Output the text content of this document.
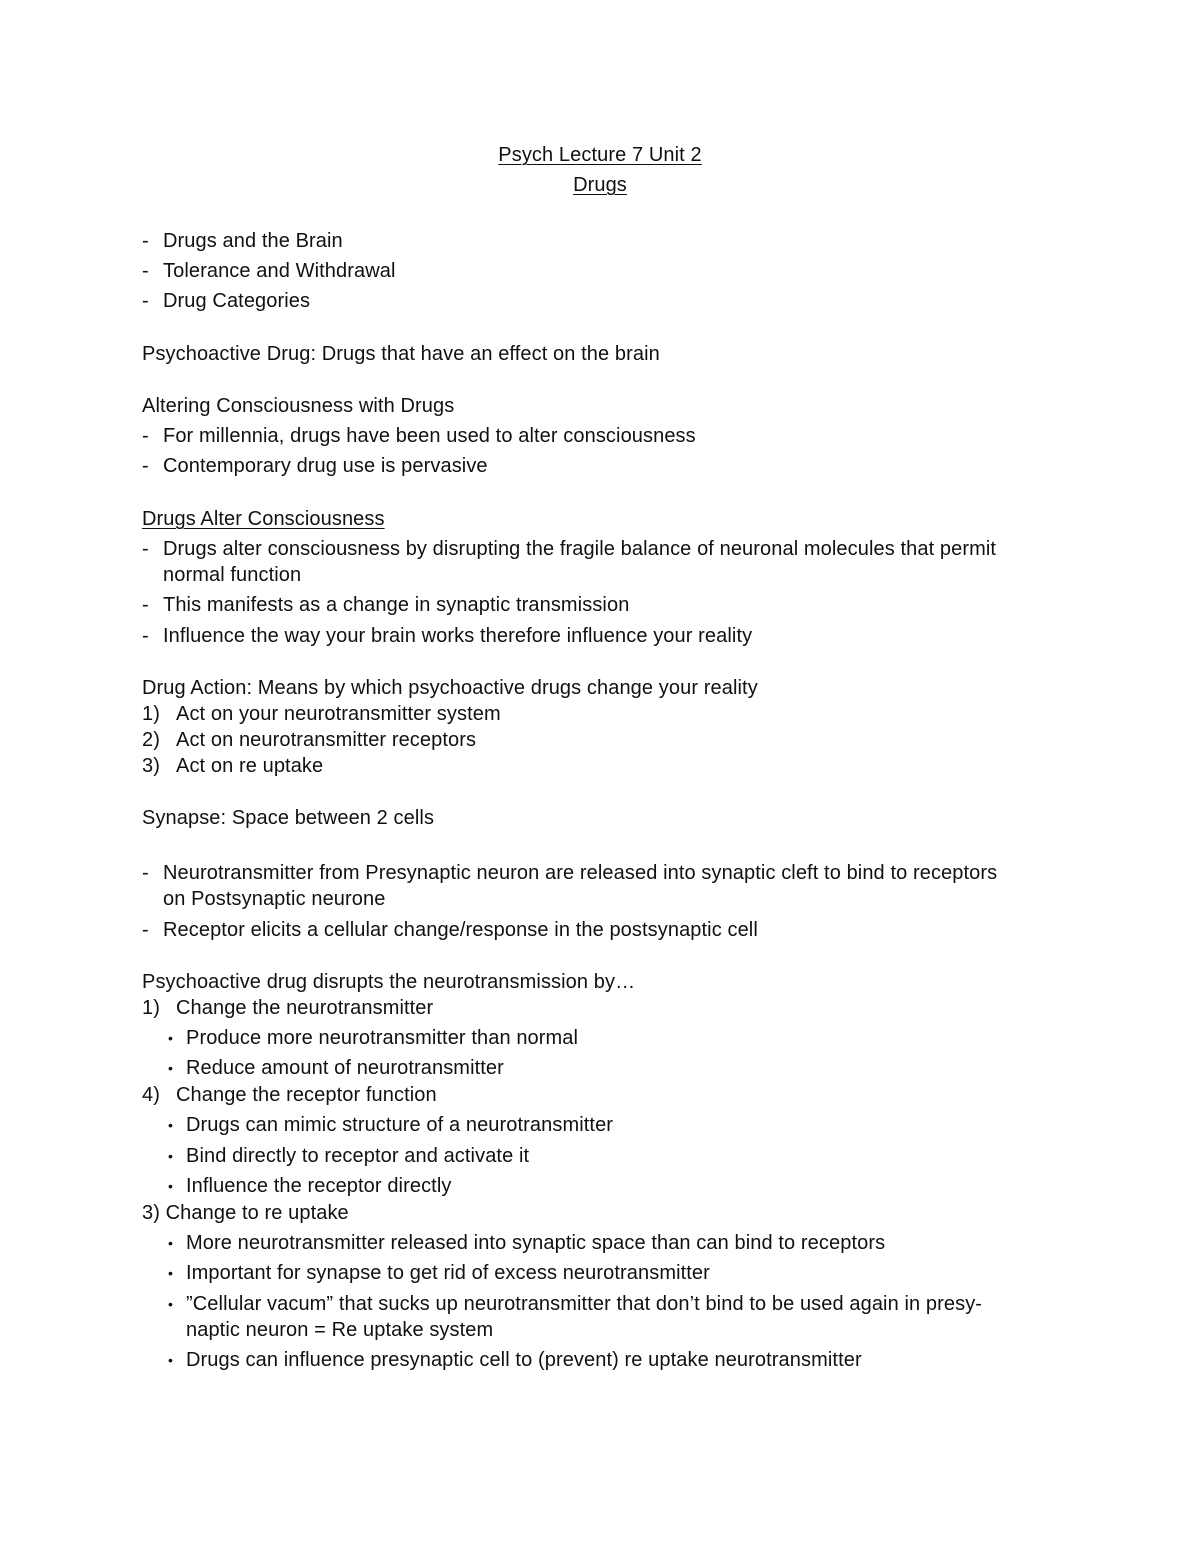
Psych Lecture 7 Unit 2
Drugs
- Drugs and the Brain
- Tolerance and Withdrawal
- Drug Categories
Psychoactive Drug: Drugs that have an effect on the brain
Altering Consciousness with Drugs
- For millennia, drugs have been used to alter consciousness
- Contemporary drug use is pervasive
Drugs Alter Consciousness
- Drugs alter consciousness by disrupting the fragile balance of neuronal molecules that permit
normal function
- This manifests as a change in synaptic transmission
- Influence the way your brain works therefore influence your reality
Drug Action: Means by which psychoactive drugs change your reality
1) Act on your neurotransmitter system
2) Act on neurotransmitter receptors
3) Act on re uptake
Synapse: Space between 2 cells
- Neurotransmitter from Presynaptic neuron are released into synaptic cleft to bind to receptors
on Postsynaptic neurone
- Receptor elicits a cellular change/response in the postsynaptic cell
Psychoactive drug disrupts the neurotransmission by…
1) Change the neurotransmitter
• Produce more neurotransmitter than normal
• Reduce amount of neurotransmitter
4) Change the receptor function
• Drugs can mimic structure of a neurotransmitter
• Bind directly to receptor and activate it
• Influence the receptor directly
3) Change to re uptake
• More neurotransmitter released into synaptic space than can bind to receptors
• Important for synapse to get rid of excess neurotransmitter
• ”Cellular vacum” that sucks up neurotransmitter that don’t bind to be used again in presy-
naptic neuron = Re uptake system
• Drugs can influence presynaptic cell to (prevent) re uptake neurotransmitter
